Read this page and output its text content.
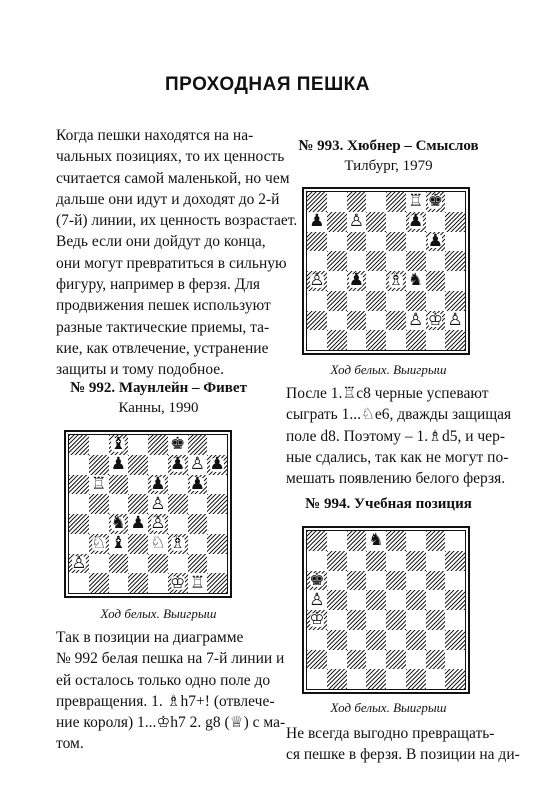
ПРОХОДНАЯ ПЕШКА
Когда пешки находятся на на-
чальных позициях, то их ценность
считается самой маленькой, но чем
дальше они идут и доходят до 2-й
(7-й) линии, их ценность возрастает.
Ведь если они дойдут до конца,
они могут превратиться в сильную
фигуру, например в ферзя. Для
продвижения пешек используют
разные тактические приемы, та-
кие, как отвлечение, устранение
защиты и тому подобное.
№ 992. Маунлейн – Фивет
Канны, 1990
♝	♚
♟	♟ ♙ ♟
♖	♟ ♟
♙
♞ ♟ ♙
♘ ♝ ♘ ♗
♙
♔ ♖
Ход белых. Выигрыш
Так в позиции на диаграмме
№ 992 белая пешка на 7-й линии и
ей осталось только одно поле до
превращения. 1. ♗h7+! (отвлече-
ние короля) 1...♔h7 2. g8 (♕) с ма-
том.
№ 993. Хюбнер – Смыслов
Тилбург, 1979
♖ ♚
♟ ♙	♟
♟
♙ ♟ ♗ ♞
♙ ♔ ♙
Ход белых. Выигрыш
После 1.♖c8 черные успевают
сыграть 1...♘e6, дважды защищая
поле d8. Поэтому – 1.♗d5, и чер-
ные сдались, так как не могут по-
мешать появлению белого ферзя.
№ 994. Учебная позиция
♞
♚
♙
♔
Ход белых. Выигрыш
Не всегда выгодно превращать-
ся пешке в ферзя. В позиции на ди-
